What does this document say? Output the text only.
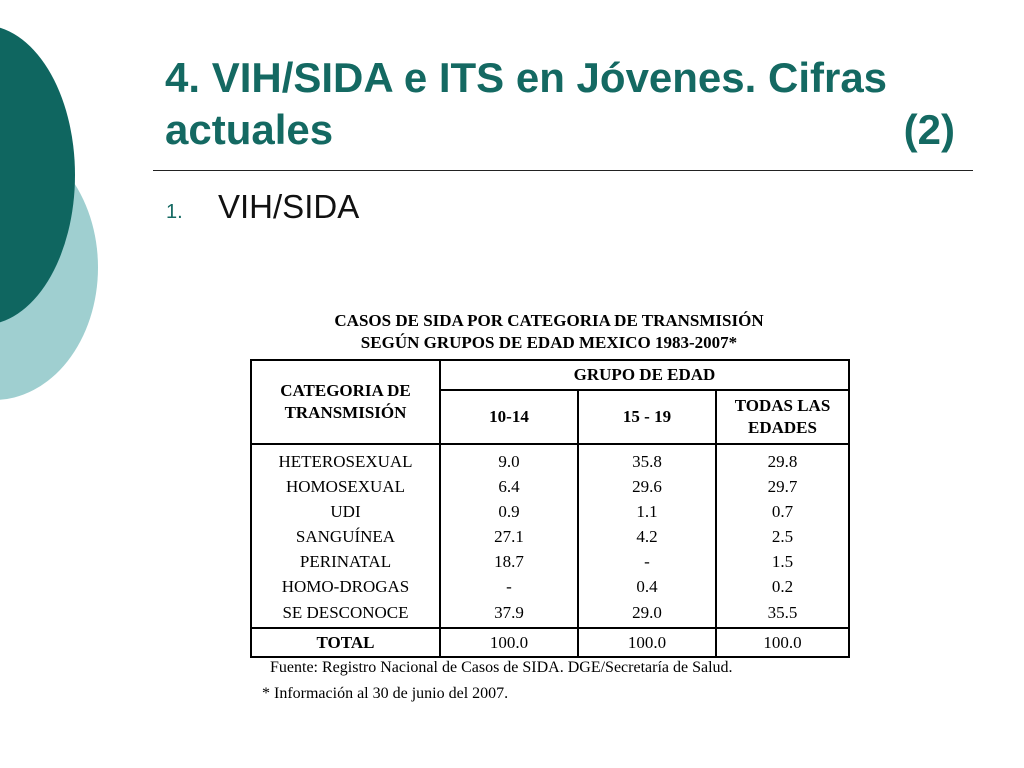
4. VIH/SIDA e ITS en Jóvenes. Cifras
actuales	(2)
1.	VIH/SIDA
CASOS DE SIDA POR CATEGORIA DE TRANSMISIÓN
SEGÚN GRUPOS DE EDAD MEXICO 1983-2007*
CATEGORIA DE TRANSMISIÓN	GRUPO DE EDAD		
	10-14	15 - 19	TODAS LAS EDADES
HETEROSEXUAL	9.0	35.8	29.8
HOMOSEXUAL	6.4	29.6	29.7
UDI	0.9	1.1	0.7
SANGUÍNEA	27.1	4.2	2.5
PERINATAL	18.7	-	1.5
HOMO-DROGAS	-	0.4	0.2
SE DESCONOCE	37.9	29.0	35.5
TOTAL	100.0	100.0	100.0
Fuente: Registro Nacional de Casos de SIDA. DGE/Secretaría de Salud.
* Información al 30 de junio del 2007.
